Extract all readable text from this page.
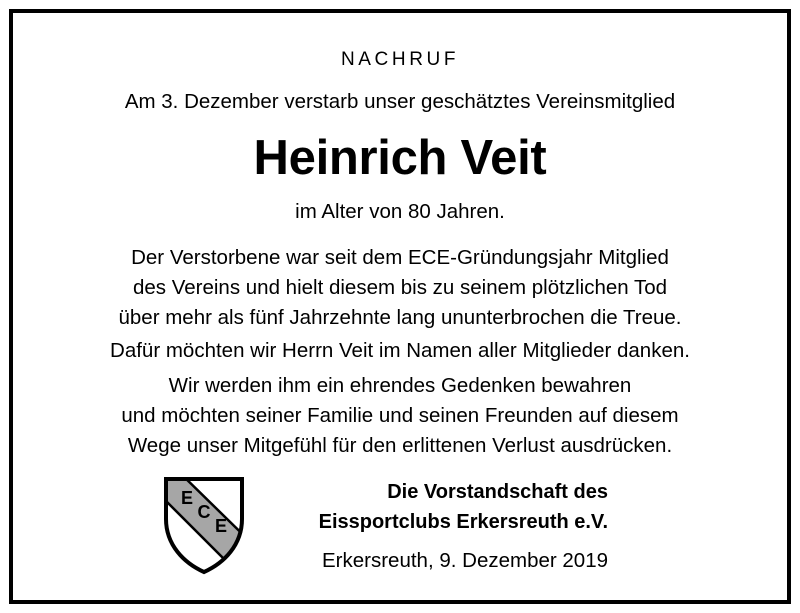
NACHRUF

Am 3. Dezember verstarb unser geschätztes Vereinsmitglied

Heinrich Veit

im Alter von 80 Jahren.

Der Verstorbene war seit dem ECE-Gründungsjahr Mitglied
des Vereins und hielt diesem bis zu seinem plötzlichen Tod
über mehr als fünf Jahrzehnte lang ununterbrochen die Treue.

Dafür möchten wir Herrn Veit im Namen aller Mitglieder danken.

Wir werden ihm ein ehrendes Gedenken bewahren
und möchten seiner Familie und seinen Freunden auf diesem
Wege unser Mitgefühl für den erlittenen Verlust ausdrücken.
E
C
E
Die Vorstandschaft des
Eissportclubs Erkersreuth e.V.
Erkersreuth, 9. Dezember 2019
